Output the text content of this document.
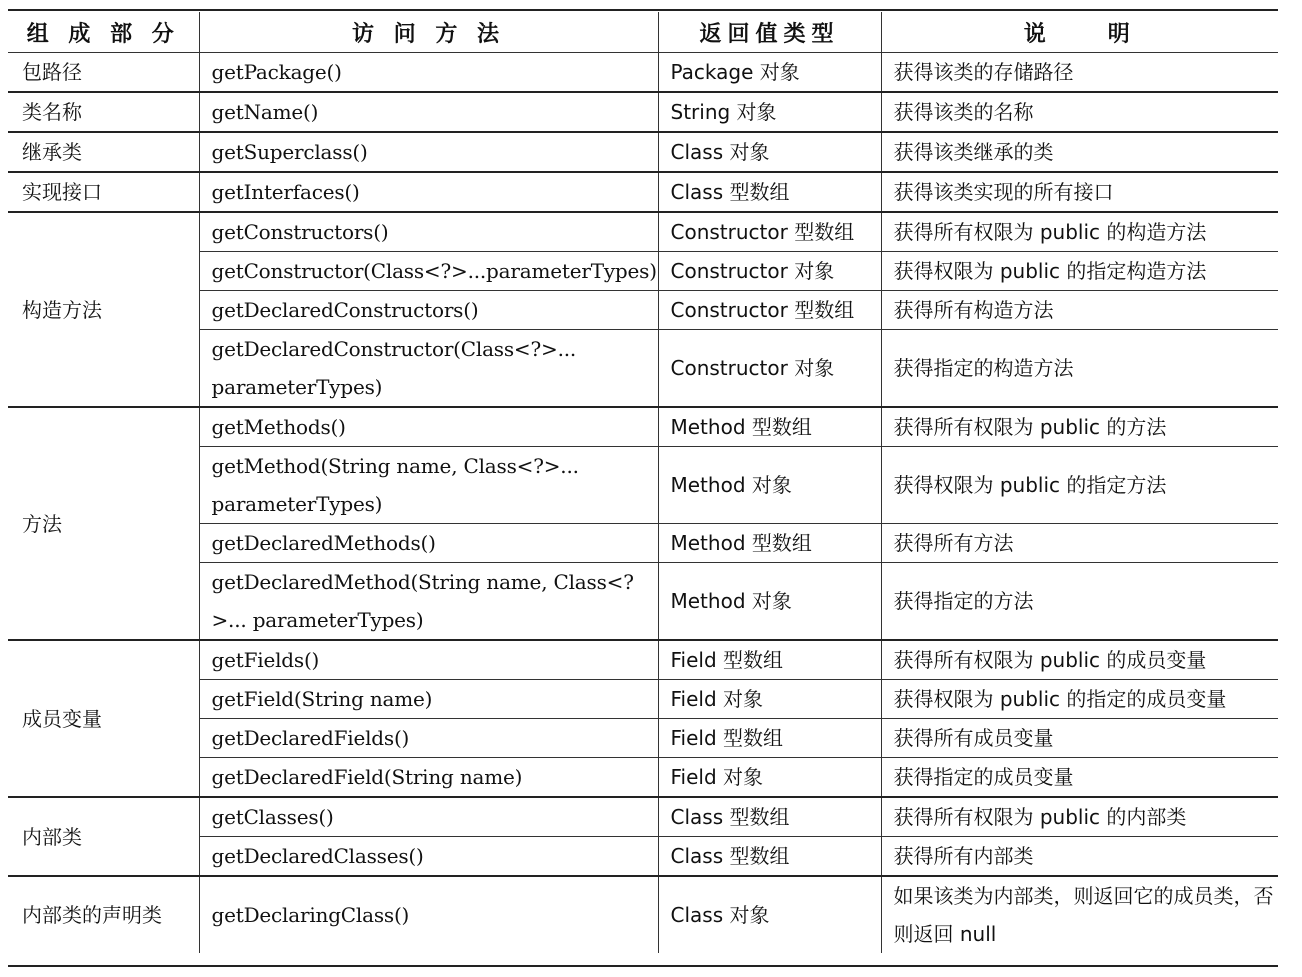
组 成 部 分	访 问 方 法	返回值类型	说　　明
包路径	getPackage()	Package 对象	获得该类的存储路径
类名称	getName()	String 对象	获得该类的名称
继承类	getSuperclass()	Class 对象	获得该类继承的类
实现接口	getInterfaces()	Class 型数组	获得该类实现的所有接口
构造方法	getConstructors()	Constructor 型数组	获得所有权限为 public 的构造方法
	getConstructor(Class<?>...parameterTypes)	Constructor 对象	获得权限为 public 的指定构造方法
	getDeclaredConstructors()	Constructor 型数组	获得所有构造方法
	getDeclaredConstructor(Class<?>... parameterTypes)	Constructor 对象	获得指定的构造方法
方法	getMethods()	Method 型数组	获得所有权限为 public 的方法
	getMethod(String name, Class<?>... parameterTypes)	Method 对象	获得权限为 public 的指定方法
	getDeclaredMethods()	Method 型数组	获得所有方法
	getDeclaredMethod(String name, Class<?>... parameterTypes)	Method 对象	获得指定的方法
成员变量	getFields()	Field 型数组	获得所有权限为 public 的成员变量
	getField(String name)	Field 对象	获得权限为 public 的指定的成员变量
	getDeclaredFields()	Field 型数组	获得所有成员变量
	getDeclaredField(String name)	Field 对象	获得指定的成员变量
内部类	getClasses()	Class 型数组	获得所有权限为 public 的内部类
	getDeclaredClasses()	Class 型数组	获得所有内部类
内部类的声明类	getDeclaringClass()	Class 对象	如果该类为内部类，则返回它的成员类，否则返回 null
